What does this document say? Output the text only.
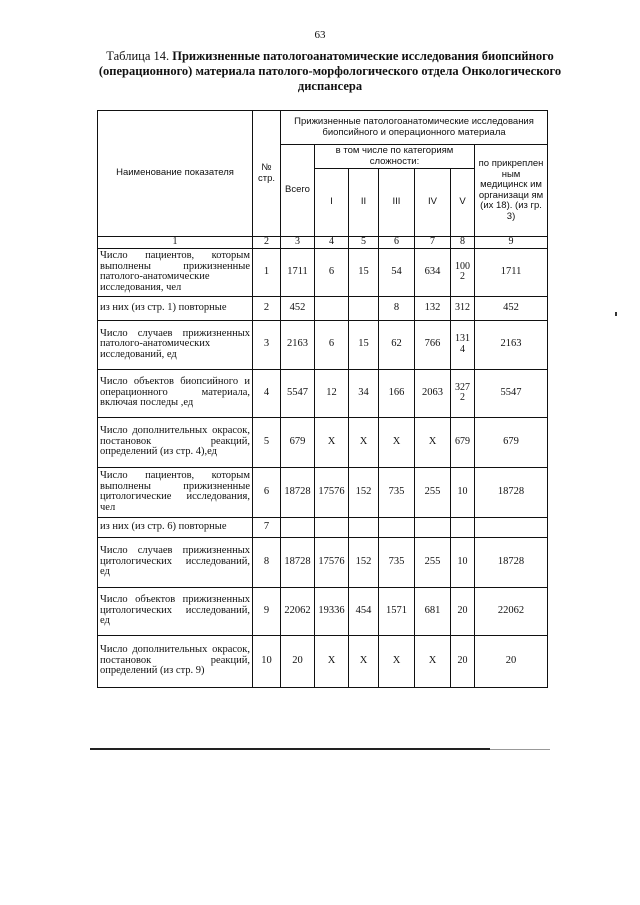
63
Таблица 14. Прижизненные патологоанатомические исследования биопсийного (операционного) материала патолого-морфологического отдела Онкологического диспансера
Наименование показателя	№ стр.	Прижизненные патологоанатомические исследования биопсийного и операционного материала						
		Всего	в том числе по категориям сложности:					по прикреплен ным медицинск им организаци ям (их 18). (из гр. 3)
			I	II	III	IV	V	
1	2	3	4	5	6	7	8	9
Число пациентов, которым выполнены прижизненные патолого-анатомические исследования, чел	1	1711	6	15	54	634	100 2	1711
из них (из стр. 1) повторные	2	452			8	132	312	452
Число случаев прижизненных патолого-анатомических исследований, ед	3	2163	6	15	62	766	131 4	2163
Число объектов биопсийного и операционного материала, включая последы ,ед	4	5547	12	34	166	2063	327 2	5547
Число дополнительных окрасок, постановок реакций, определений (из стр. 4),ед	5	679	X	X	X	X	679	679
Число пациентов, которым выполнены прижизненные цитологические исследования, чел	6	18728	17576	152	735	255	10	18728
из них (из стр. 6) повторные	7							
Число случаев прижизненных цитологических исследований, ед	8	18728	17576	152	735	255	10	18728
Число объектов прижизненных цитологических исследований, ед	9	22062	19336	454	1571	681	20	22062
Число дополнительных окрасок, постановок реакций, определений (из стр. 9)	10	20	X	X	X	X	20	20
